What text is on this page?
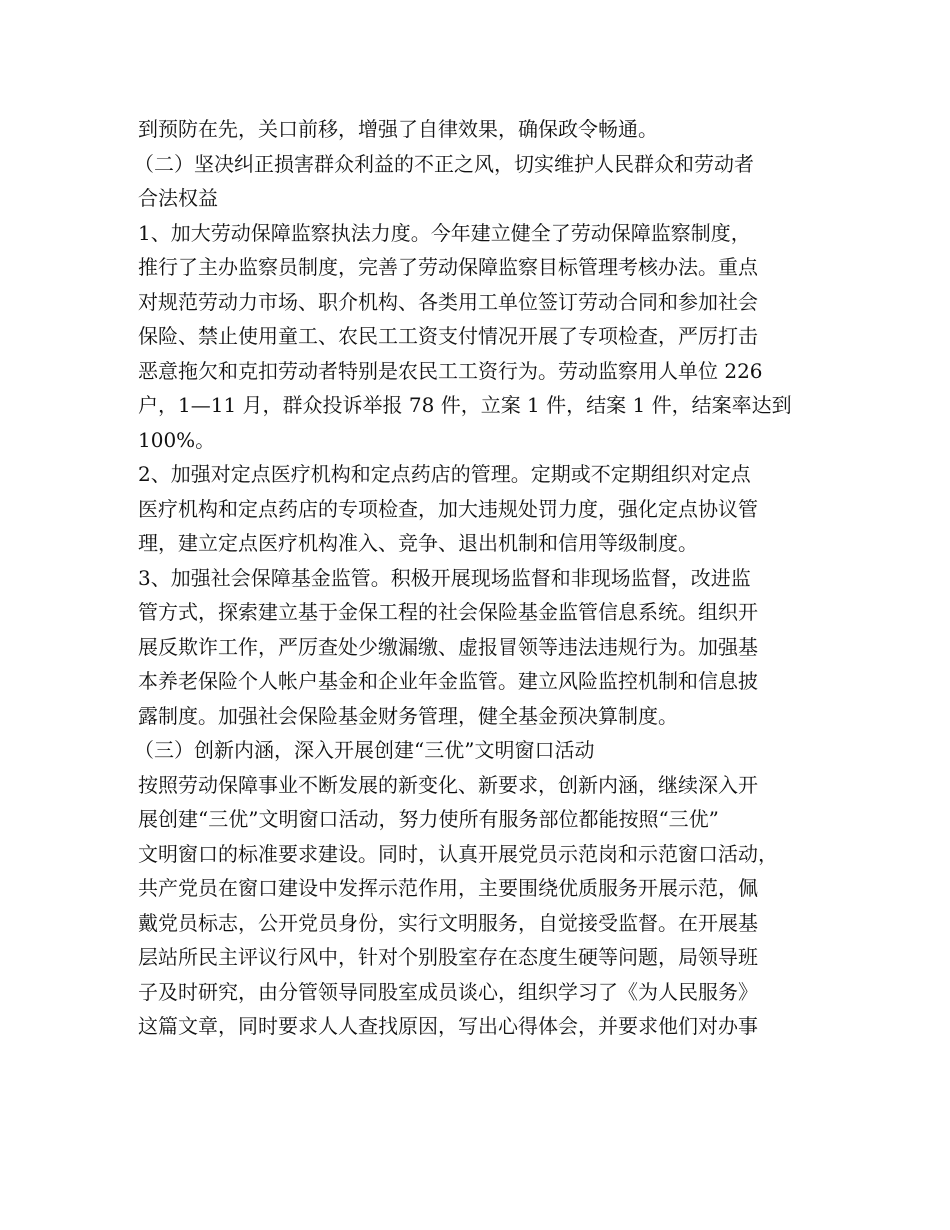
到预防在先，关口前移，增强了自律效果，确保政令畅通。

（二）坚决纠正损害群众利益的不正之风，切实维护人民群众和劳动者

合法权益

1、加大劳动保障监察执法力度。今年建立健全了劳动保障监察制度，

推行了主办监察员制度，完善了劳动保障监察目标管理考核办法。重点

对规范劳动力市场、职介机构、各类用工单位签订劳动合同和参加社会

保险、禁止使用童工、农民工工资支付情况开展了专项检查，严厉打击

恶意拖欠和克扣劳动者特别是农民工工资行为。劳动监察用人单位 226

户，1—11 月，群众投诉举报 78 件，立案 1 件，结案 1 件，结案率达到

100%。

2、加强对定点医疗机构和定点药店的管理。定期或不定期组织对定点

医疗机构和定点药店的专项检查，加大违规处罚力度，强化定点协议管

理，建立定点医疗机构准入、竞争、退出机制和信用等级制度。

3、加强社会保障基金监管。积极开展现场监督和非现场监督，改进监

管方式，探索建立基于金保工程的社会保险基金监管信息系统。组织开

展反欺诈工作，严厉查处少缴漏缴、虚报冒领等违法违规行为。加强基

本养老保险个人帐户基金和企业年金监管。建立风险监控机制和信息披

露制度。加强社会保险基金财务管理，健全基金预决算制度。

（三）创新内涵，深入开展创建“三优”文明窗口活动

按照劳动保障事业不断发展的新变化、新要求，创新内涵，继续深入开

展创建“三优”文明窗口活动，努力使所有服务部位都能按照“三优”

文明窗口的标准要求建设。同时，认真开展党员示范岗和示范窗口活动，

共产党员在窗口建设中发挥示范作用，主要围绕优质服务开展示范，佩

戴党员标志，公开党员身份，实行文明服务，自觉接受监督。在开展基

层站所民主评议行风中，针对个别股室存在态度生硬等问题，局领导班

子及时研究，由分管领导同股室成员谈心，组织学习了《为人民服务》

这篇文章，同时要求人人查找原因，写出心得体会，并要求他们对办事
